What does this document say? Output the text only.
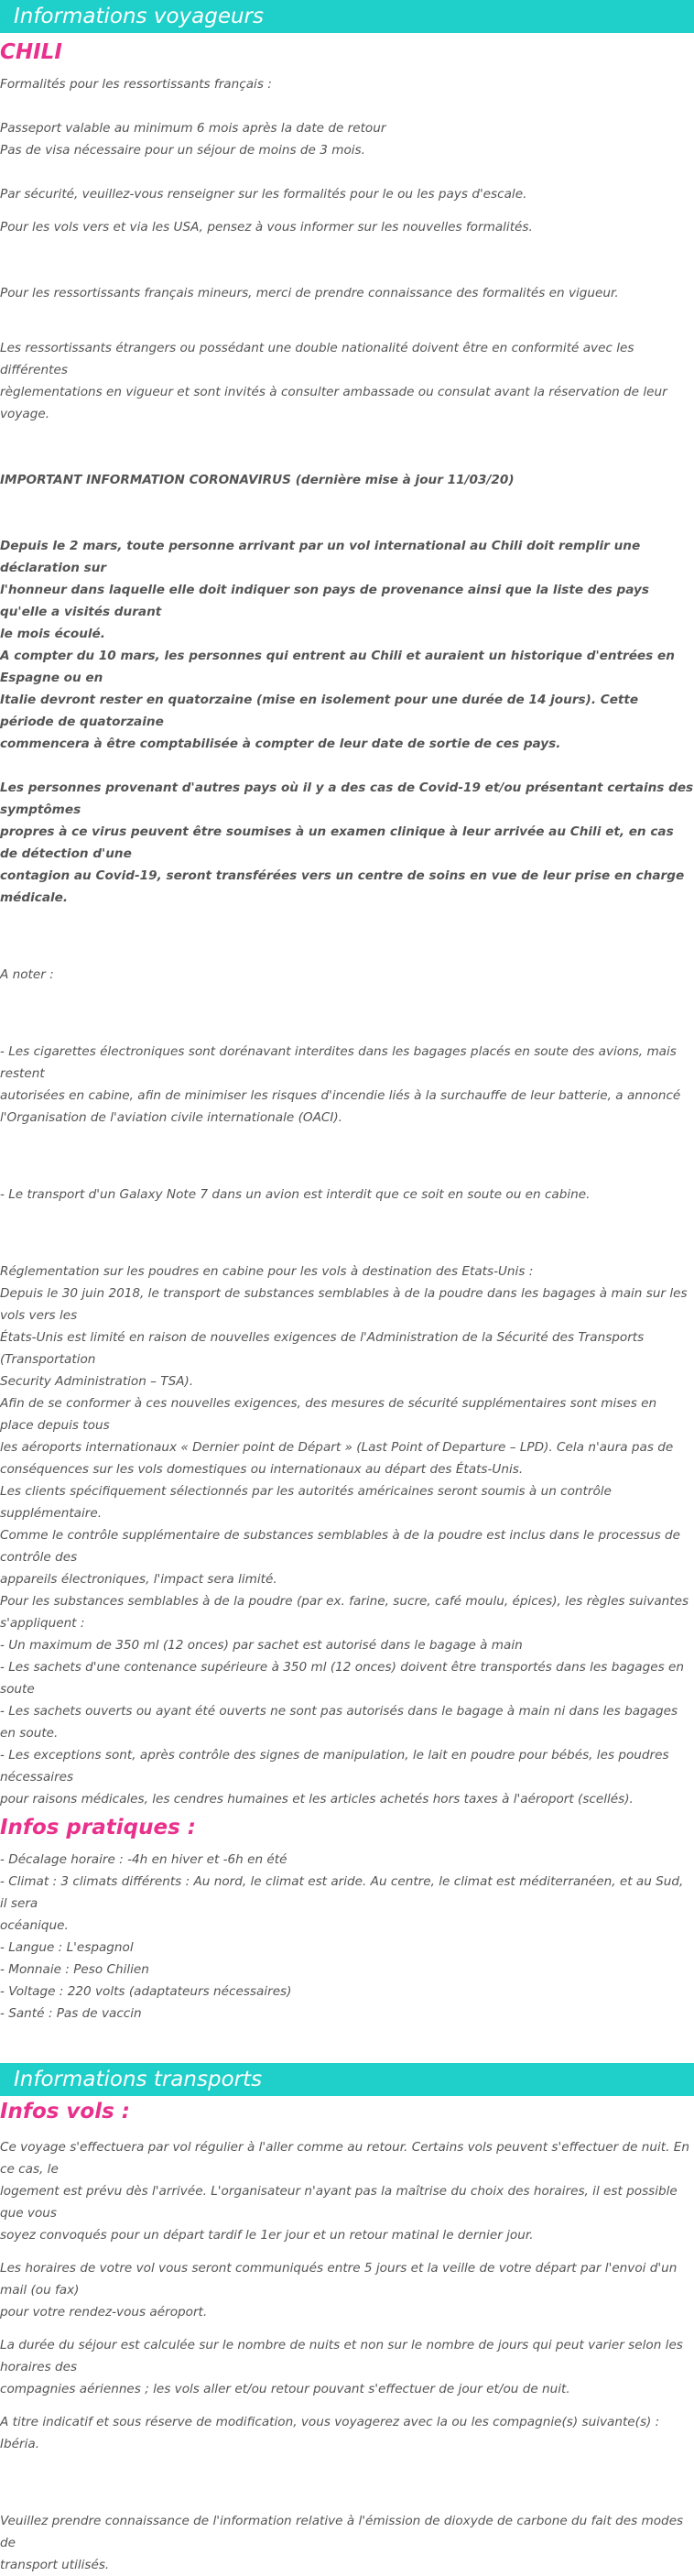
Informations voyageurs
CHILI

Formalités pour les ressortissants français :

Passeport valable au minimum 6 mois après la date de retour

Pas de visa nécessaire pour un séjour de moins de 3 mois.

Par sécurité, veuillez-vous renseigner sur les formalités pour le ou les pays d'escale.

Pour les vols vers et via les USA, pensez à vous informer sur les nouvelles formalités.

Pour les ressortissants français mineurs, merci de prendre connaissance des formalités en vigueur.

Les ressortissants étrangers ou possédant une double nationalité doivent être en conformité avec les différentes
règlementations en vigueur et sont invités à consulter ambassade ou consulat avant la réservation de leur voyage.

IMPORTANT INFORMATION CORONAVIRUS (dernière mise à jour 11/03/20)

Depuis le 2 mars, toute personne arrivant par un vol international au Chili doit remplir une déclaration sur
l'honneur dans laquelle elle doit indiquer son pays de provenance ainsi que la liste des pays qu'elle a visités durant
le mois écoulé.
A compter du 10 mars, les personnes qui entrent au Chili et auraient un historique d'entrées en Espagne ou en
Italie devront rester en quatorzaine (mise en isolement pour une durée de 14 jours). Cette période de quatorzaine
commencera à être comptabilisée à compter de leur date de sortie de ces pays.

Les personnes provenant d'autres pays où il y a des cas de Covid-19 et/ou présentant certains des symptômes
propres à ce virus peuvent être soumises à un examen clinique à leur arrivée au Chili et, en cas de détection d'une
contagion au Covid-19, seront transférées vers un centre de soins en vue de leur prise en charge médicale.

A noter :

- Les cigarettes électroniques sont dorénavant interdites dans les bagages placés en soute des avions, mais restent
autorisées en cabine, afin de minimiser les risques d'incendie liés à la surchauffe de leur batterie, a annoncé
l'Organisation de l'aviation civile internationale (OACI).

- Le transport d'un Galaxy Note 7 dans un avion est interdit que ce soit en soute ou en cabine.

Réglementation sur les poudres en cabine pour les vols à destination des Etats-Unis :
Depuis le 30 juin 2018, le transport de substances semblables à de la poudre dans les bagages à main sur les vols vers les
États-Unis est limité en raison de nouvelles exigences de l'Administration de la Sécurité des Transports (Transportation
Security Administration – TSA).
Afin de se conformer à ces nouvelles exigences, des mesures de sécurité supplémentaires sont mises en place depuis tous
les aéroports internationaux « Dernier point de Départ » (Last Point of Departure – LPD). Cela n'aura pas de
conséquences sur les vols domestiques ou internationaux au départ des États-Unis.
Les clients spécifiquement sélectionnés par les autorités américaines seront soumis à un contrôle supplémentaire.
Comme le contrôle supplémentaire de substances semblables à de la poudre est inclus dans le processus de contrôle des
appareils électroniques, l'impact sera limité.
Pour les substances semblables à de la poudre (par ex. farine, sucre, café moulu, épices), les règles suivantes s'appliquent :
- Un maximum de 350 ml (12 onces) par sachet est autorisé dans le bagage à main
- Les sachets d'une contenance supérieure à 350 ml (12 onces) doivent être transportés dans les bagages en soute
- Les sachets ouverts ou ayant été ouverts ne sont pas autorisés dans le bagage à main ni dans les bagages en soute.
- Les exceptions sont, après contrôle des signes de manipulation, le lait en poudre pour bébés, les poudres nécessaires
pour raisons médicales, les cendres humaines et les articles achetés hors taxes à l'aéroport (scellés).

Infos pratiques :

- Décalage horaire : -4h en hiver et -6h en été
- Climat : 3 climats différents : Au nord, le climat est aride. Au centre, le climat est méditerranéen, et au Sud, il sera
océanique.
- Langue : L'espagnol
- Monnaie : Peso Chilien
- Voltage : 220 volts (adaptateurs nécessaires)
- Santé : Pas de vaccin

Informations transports
Infos vols :

Ce voyage s'effectuera par vol régulier à l'aller comme au retour. Certains vols peuvent s'effectuer de nuit. En ce cas, le
logement est prévu dès l'arrivée. L'organisateur n'ayant pas la maîtrise du choix des horaires, il est possible que vous
soyez convoqués pour un départ tardif le 1er jour et un retour matinal le dernier jour.

Les horaires de votre vol vous seront communiqués entre 5 jours et la veille de votre départ par l'envoi d'un mail (ou fax)
pour votre rendez-vous aéroport.

La durée du séjour est calculée sur le nombre de nuits et non sur le nombre de jours qui peut varier selon les horaires des
compagnies aériennes ; les vols aller et/ou retour pouvant s'effectuer de jour et/ou de nuit.

A titre indicatif et sous réserve de modification, vous voyagerez avec la ou les compagnie(s) suivante(s) : Ibéria.

Veuillez prendre connaissance de l'information relative à l'émission de dioxyde de carbone du fait des modes de
transport utilisés.
